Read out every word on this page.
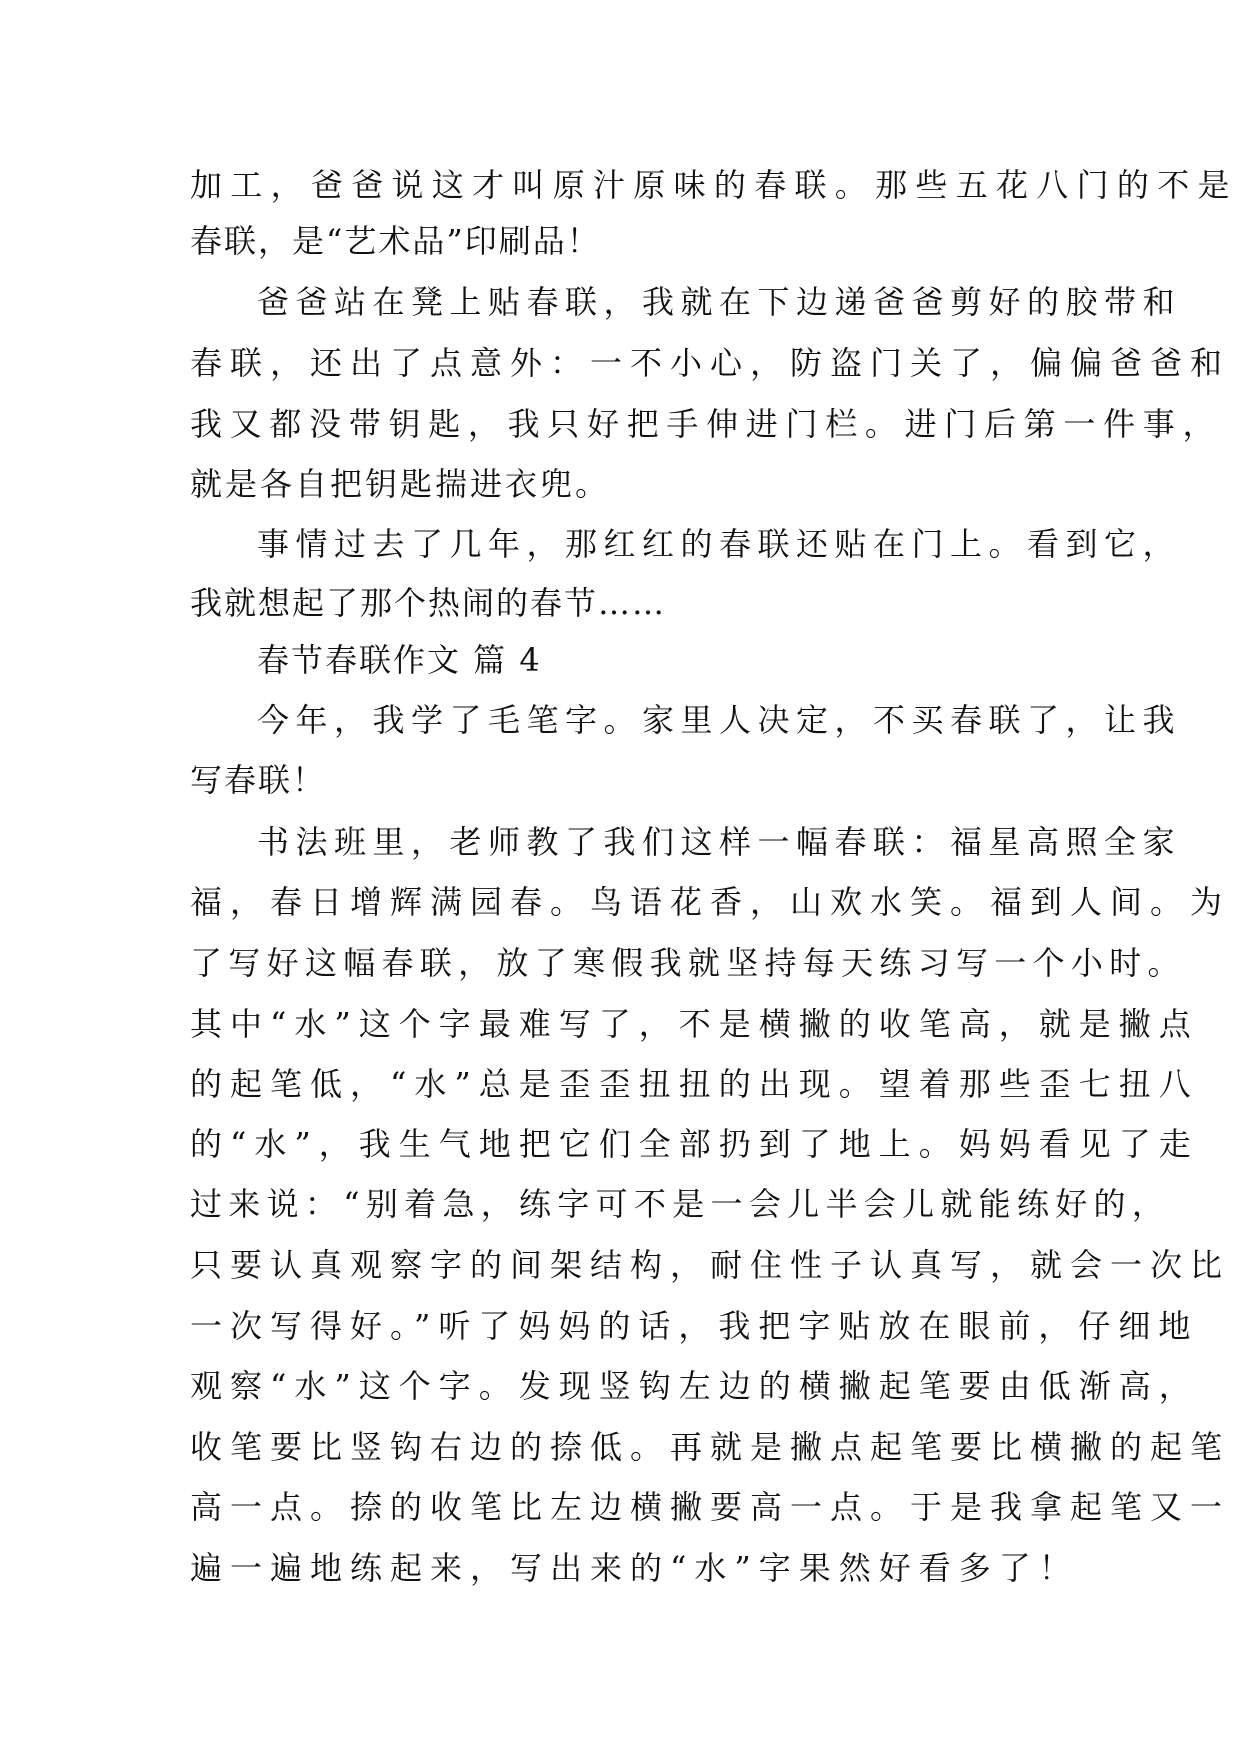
加工，爸爸说这才叫原汁原味的春联。那些五花八门的不是
春联，是“艺术品”印刷品！
爸爸站在凳上贴春联，我就在下边递爸爸剪好的胶带和
春联，还出了点意外：一不小心，防盗门关了，偏偏爸爸和
我又都没带钥匙，我只好把手伸进门栏。进门后第一件事，
就是各自把钥匙揣进衣兜。
事情过去了几年，那红红的春联还贴在门上。看到它，
我就想起了那个热闹的春节……
春节春联作文 篇 4
今年，我学了毛笔字。家里人决定，不买春联了，让我
写春联！
书法班里，老师教了我们这样一幅春联：福星高照全家
福，春日增辉满园春。鸟语花香，山欢水笑。福到人间。为
了写好这幅春联，放了寒假我就坚持每天练习写一个小时。
其中“水”这个字最难写了，不是横撇的收笔高，就是撇点
的起笔低，“水”总是歪歪扭扭的出现。望着那些歪七扭八
的“水”，我生气地把它们全部扔到了地上。妈妈看见了走
过来说：“别着急，练字可不是一会儿半会儿就能练好的，
只要认真观察字的间架结构，耐住性子认真写，就会一次比
一次写得好。”听了妈妈的话，我把字贴放在眼前，仔细地
观察“水”这个字。发现竖钩左边的横撇起笔要由低渐高，
收笔要比竖钩右边的捺低。再就是撇点起笔要比横撇的起笔
高一点。捺的收笔比左边横撇要高一点。于是我拿起笔又一
遍一遍地练起来，写出来的“水”字果然好看多了！
